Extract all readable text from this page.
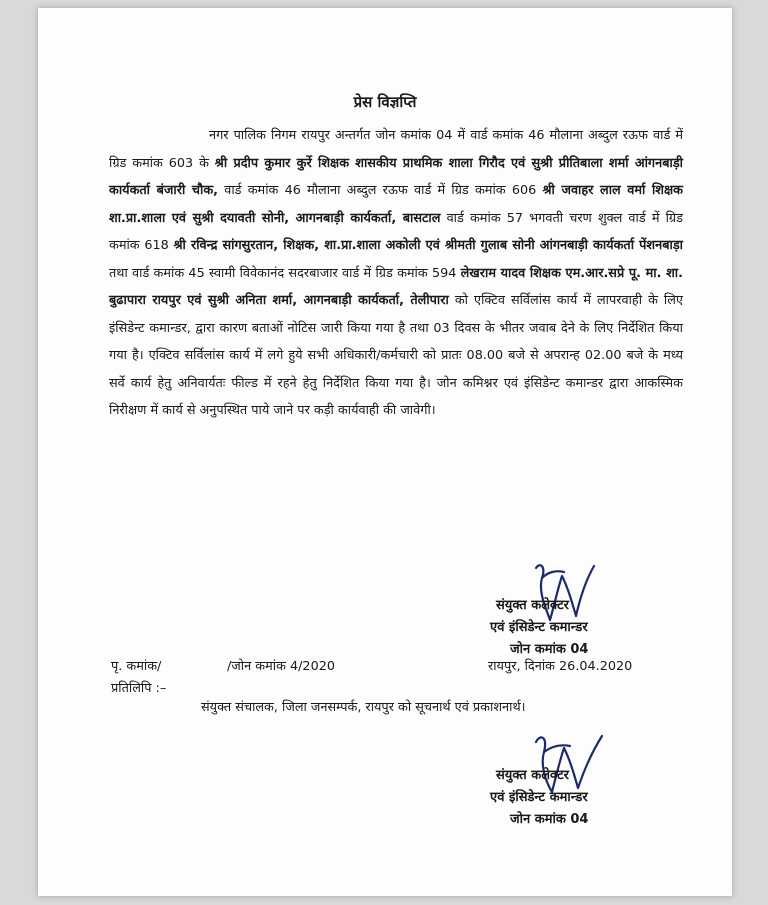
प्रेस विज्ञप्ति
नगर पालिक निगम रायपुर अन्तर्गत जोन कमांक 04 में वार्ड कमांक 46 मौलाना अब्दुल रऊफ वार्ड में ग्रिड कमांक 603 के श्री प्रदीप कुमार कुर्रे शिक्षक शासकीय प्राथमिक शाला गिरौद एवं सुश्री प्रीतिबाला शर्मा आंगनबाड़ी कार्यकर्ता बंजारी चौक, वार्ड कमांक 46 मौलाना अब्दुल रऊफ वार्ड में ग्रिड कमांक 606 श्री जवाहर लाल वर्मा शिक्षक शा.प्रा.शाला एवं सुश्री दयावती सोनी, आगनबाड़ी कार्यकर्ता, बासटाल वार्ड कमांक 57 भगवती चरण शुक्ल वार्ड में ग्रिड कमांक 618 श्री रविन्द्र सांगसुरतान, शिक्षक, शा.प्रा.शाला अकोली एवं श्रीमती गुलाब सोनी आंगनबाड़ी कार्यकर्ता पेंशनबाड़ा तथा वार्ड कमांक 45 स्वामी विवेकानंद सदरबाजार वार्ड में ग्रिड कमांक 594 लेखराम यादव शिक्षक एम.आर.सप्रे पू. मा. शा. बुढापारा रायपुर एवं सुश्री अनिता शर्मा, आगनबाड़ी कार्यकर्ता, तेलीपारा को एक्टिव सर्विलांस कार्य में लापरवाही के लिए इंसिडेन्ट कमान्डर, द्वारा कारण बताओं नोटिस जारी किया गया है तथा 03 दिवस के भीतर जवाब देने के लिए निर्देशित किया गया है। एक्टिव सर्विलांस कार्य में लगे हुये सभी अधिकारी/कर्मचारी को प्रातः 08.00 बजे से अपरान्ह 02.00 बजे के मध्य सर्वे कार्य हेतु अनिवार्यतः फील्ड में रहने हेतु निर्देशित किया गया है। जोन कमिश्नर एवं इंसिडेन्ट कमान्डर द्वारा आकस्मिक निरीक्षण में कार्य से अनुपस्थित पाये जाने पर कड़ी कार्यवाही की जावेगी।
संयुक्त कलेक्टर
एवं इंसिडेन्ट कमान्डर
जोन कमांक 04
पृ. कमांक/	/जोन कमांक 4/2020	रायपुर, दिनांक 26.04.2020
प्रतिलिपि :–
संयुक्त संचालक, जिला जनसम्पर्क, रायपुर को सूचनार्थ एवं प्रकाशनार्थ।
संयुक्त कलेक्टर
एवं इंसिडेन्ट कमान्डर
जोन कमांक 04
